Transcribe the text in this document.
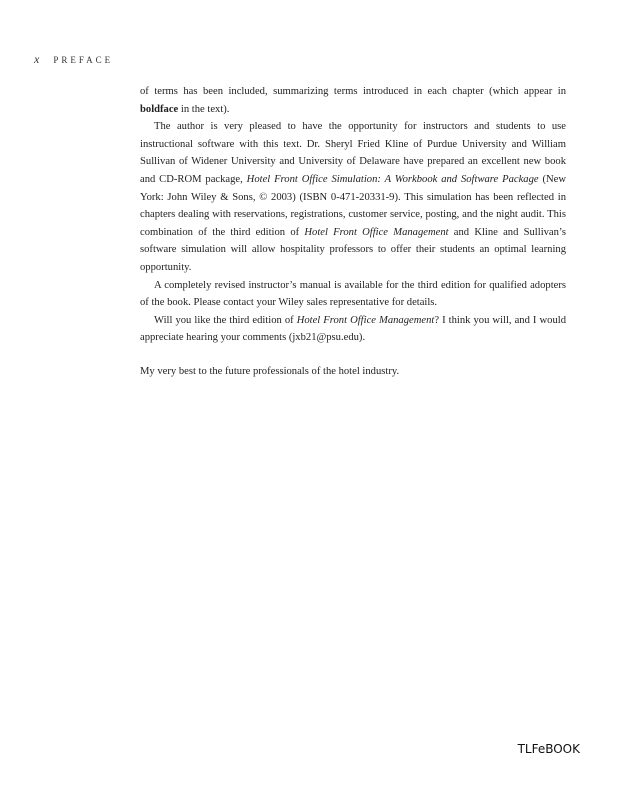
x PREFACE

of terms has been included, summarizing terms introduced in each chapter (which appear in boldface in the text).

The author is very pleased to have the opportunity for instructors and students to use instructional software with this text. Dr. Sheryl Fried Kline of Purdue University and William Sullivan of Widener University and University of Delaware have prepared an excellent new book and CD-ROM package, Hotel Front Office Simulation: A Workbook and Software Package (New York: John Wiley & Sons, © 2003) (ISBN 0-471-20331-9). This simulation has been reflected in chapters dealing with reservations, registrations, customer service, posting, and the night audit. This combination of the third edition of Hotel Front Office Management and Kline and Sullivan’s software simulation will allow hospitality professors to offer their students an optimal learning opportunity.

A completely revised instructor’s manual is available for the third edition for qualified adopters of the book. Please contact your Wiley sales representative for details.

Will you like the third edition of Hotel Front Office Management? I think you will, and I would appreciate hearing your comments (jxb21@psu.edu).

My very best to the future professionals of the hotel industry.

TLFeBOOK
